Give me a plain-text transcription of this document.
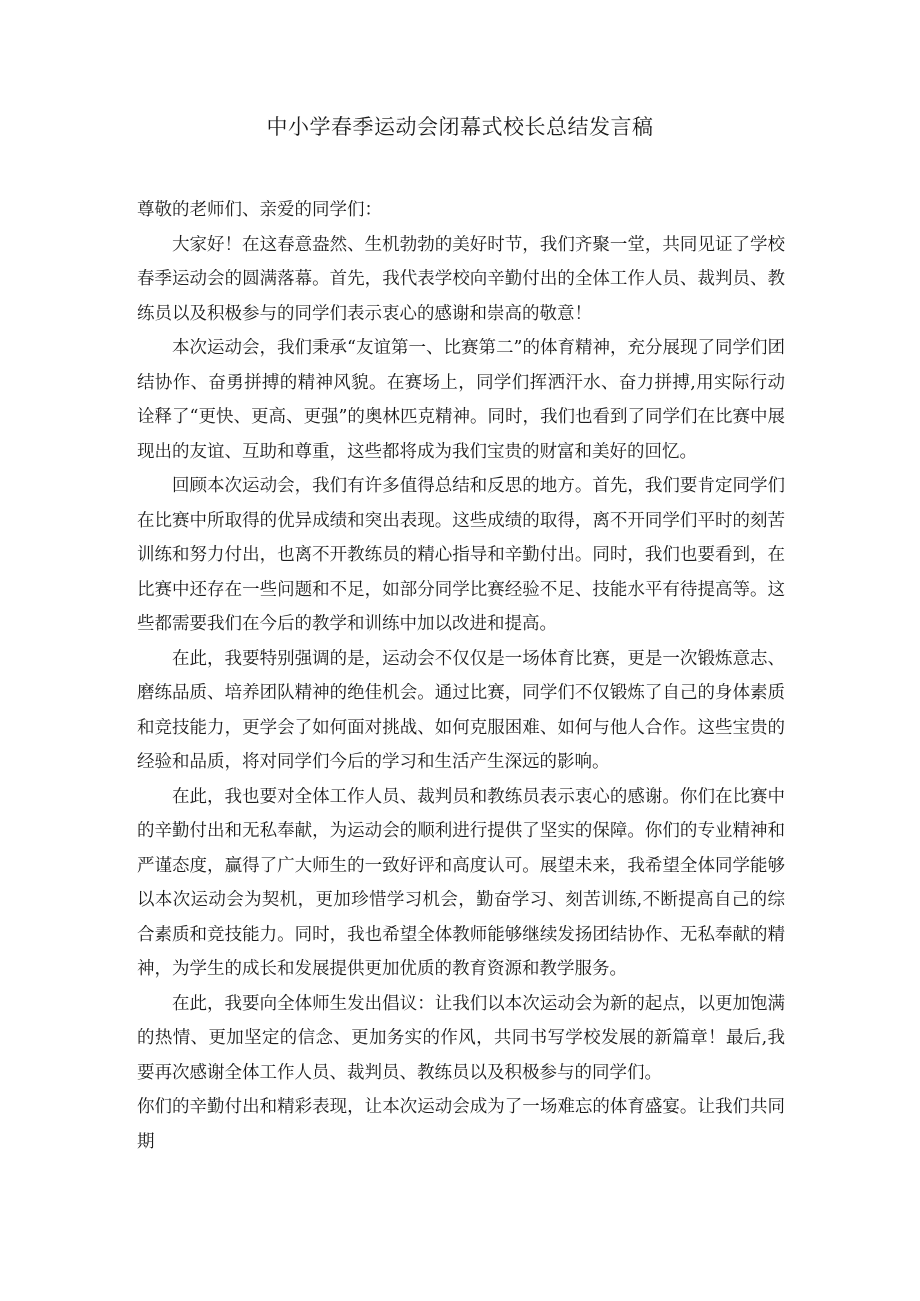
中小学春季运动会闭幕式校长总结发言稿

尊敬的老师们、亲爱的同学们：

大家好！在这春意盎然、生机勃勃的美好时节，我们齐聚一堂，共同见证了学校春季运动会的圆满落幕。首先，我代表学校向辛勤付出的全体工作人员、裁判员、教练员以及积极参与的同学们表示衷心的感谢和崇高的敬意！

本次运动会，我们秉承“友谊第一、比赛第二”的体育精神，充分展现了同学们团结协作、奋勇拼搏的精神风貌。在赛场上，同学们挥洒汗水、奋力拼搏,用实际行动诠释了“更快、更高、更强”的奥林匹克精神。同时，我们也看到了同学们在比赛中展现出的友谊、互助和尊重，这些都将成为我们宝贵的财富和美好的回忆。

回顾本次运动会，我们有许多值得总结和反思的地方。首先，我们要肯定同学们在比赛中所取得的优异成绩和突出表现。这些成绩的取得，离不开同学们平时的刻苦训练和努力付出，也离不开教练员的精心指导和辛勤付出。同时，我们也要看到，在比赛中还存在一些问题和不足，如部分同学比赛经验不足、技能水平有待提高等。这些都需要我们在今后的教学和训练中加以改进和提高。

在此，我要特别强调的是，运动会不仅仅是一场体育比赛，更是一次锻炼意志、磨练品质、培养团队精神的绝佳机会。通过比赛，同学们不仅锻炼了自己的身体素质和竞技能力，更学会了如何面对挑战、如何克服困难、如何与他人合作。这些宝贵的经验和品质，将对同学们今后的学习和生活产生深远的影响。

在此，我也要对全体工作人员、裁判员和教练员表示衷心的感谢。你们在比赛中的辛勤付出和无私奉献，为运动会的顺利进行提供了坚实的保障。你们的专业精神和严谨态度，赢得了广大师生的一致好评和高度认可。展望未来，我希望全体同学能够以本次运动会为契机，更加珍惜学习机会，勤奋学习、刻苦训练,不断提高自己的综合素质和竞技能力。同时，我也希望全体教师能够继续发扬团结协作、无私奉献的精神，为学生的成长和发展提供更加优质的教育资源和教学服务。

在此，我要向全体师生发出倡议：让我们以本次运动会为新的起点，以更加饱满的热情、更加坚定的信念、更加务实的作风，共同书写学校发展的新篇章！最后,我要再次感谢全体工作人员、裁判员、教练员以及积极参与的同学们。

你们的辛勤付出和精彩表现，让本次运动会成为了一场难忘的体育盛宴。让我们共同期
